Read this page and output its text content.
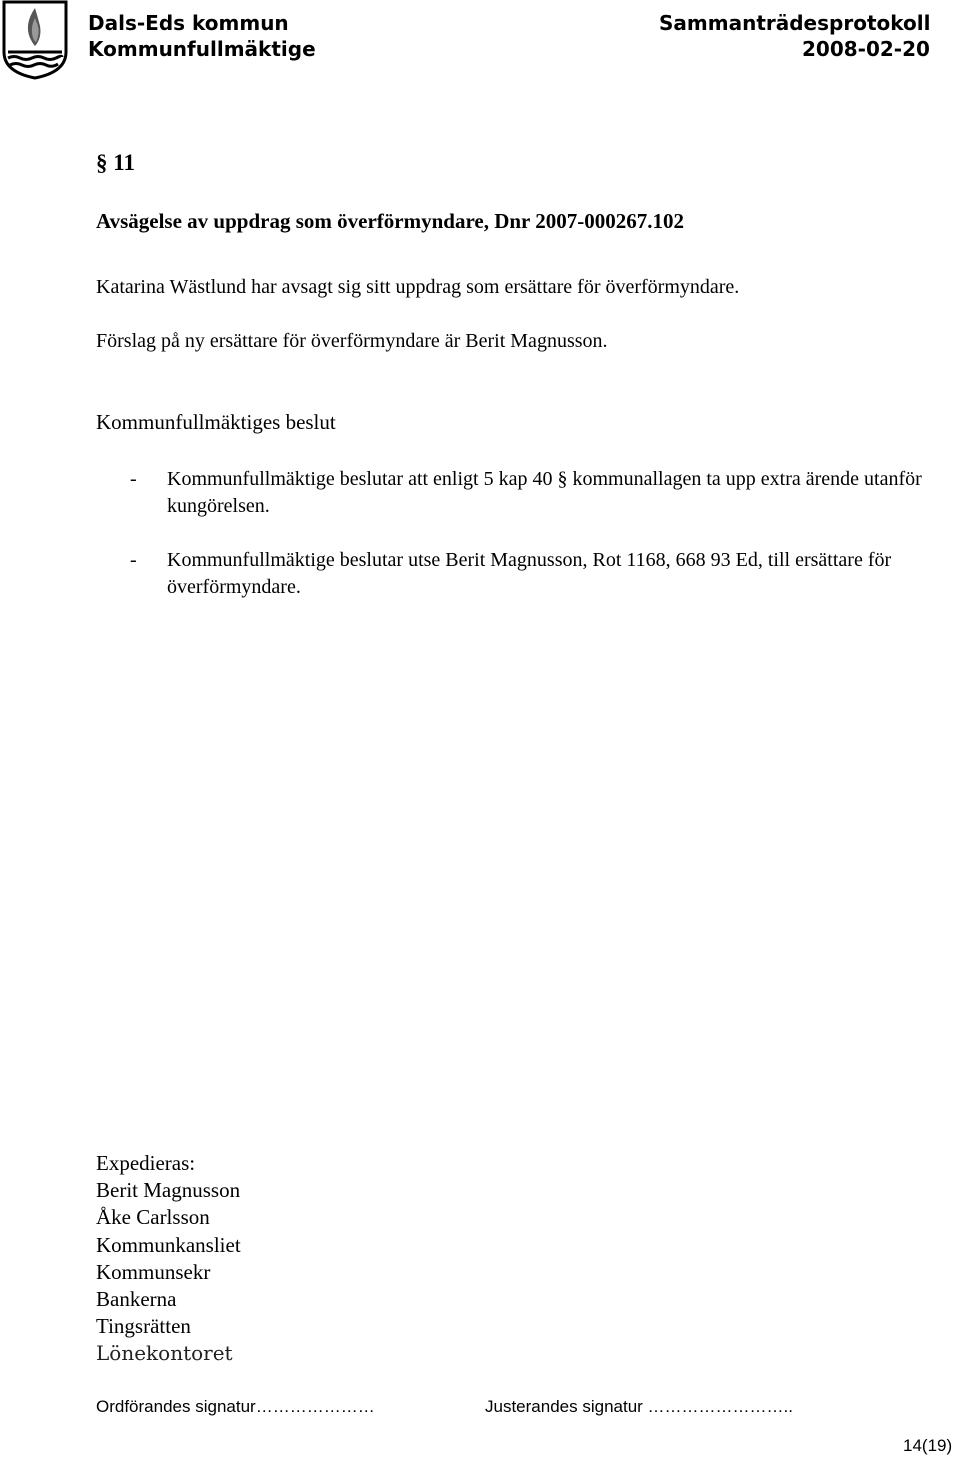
Dals-Eds kommun
Kommunfullmäktige
Sammanträdesprotokoll
2008-02-20
§ 11
Avsägelse av uppdrag som överförmyndare, Dnr 2007-000267.102
Katarina Wästlund har avsagt sig sitt uppdrag som ersättare för överförmyndare.
Förslag på ny ersättare för överförmyndare är Berit Magnusson.
Kommunfullmäktiges beslut
- Kommunfullmäktige beslutar att enligt 5 kap 40 § kommunallagen ta upp extra ärende utanför kungörelsen.
- Kommunfullmäktige beslutar utse Berit Magnusson, Rot 1168, 668 93 Ed, till ersättare för överförmyndare.
Expedieras:
Berit Magnusson
Åke Carlsson
Kommunkansliet
Kommunsekr
Bankerna
Tingsrätten
Lönekontoret
Ordförandes signatur…………………	Justerandes signatur ……………………..
14(19)
